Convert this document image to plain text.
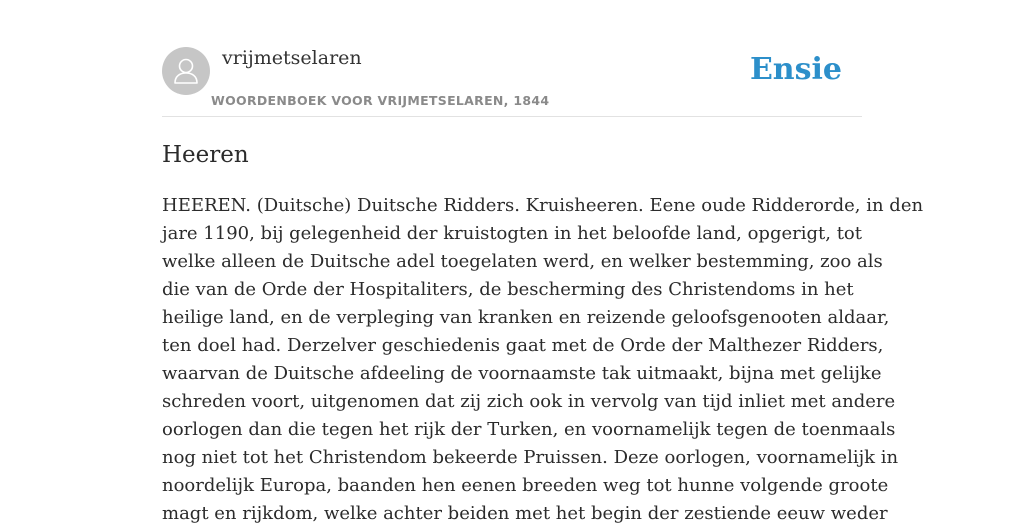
vrijmetselaren
WOORDENBOEK VOOR VRIJMETSELAREN, 1844
Ensie
Heeren
HEEREN. (Duitsche) Duitsche Ridders. Kruisheeren. Eene oude Ridderorde, in den
jare 1190, bij gelegenheid der kruistogten in het beloofde land, opgerigt, tot
welke alleen de Duitsche adel toegelaten werd, en welker bestemming, zoo als
die van de Orde der Hospitaliters, de bescherming des Christendoms in het
heilige land, en de verpleging van kranken en reizende geloofsgenooten aldaar,
ten doel had. Derzelver geschiedenis gaat met de Orde der Malthezer Ridders,
waarvan de Duitsche afdeeling de voornaamste tak uitmaakt, bijna met gelijke
schreden voort, uitgenomen dat zij zich ook in vervolg van tijd inliet met andere
oorlogen dan die tegen het rijk der Turken, en voornamelijk tegen de toenmaals
nog niet tot het Christendom bekeerde Pruissen. Deze oorlogen, voornamelijk in
noordelijk Europa, baanden hen eenen breeden weg tot hunne volgende groote
magt en rijkdom, welke achter beiden met het begin der zestiende eeuw weder
